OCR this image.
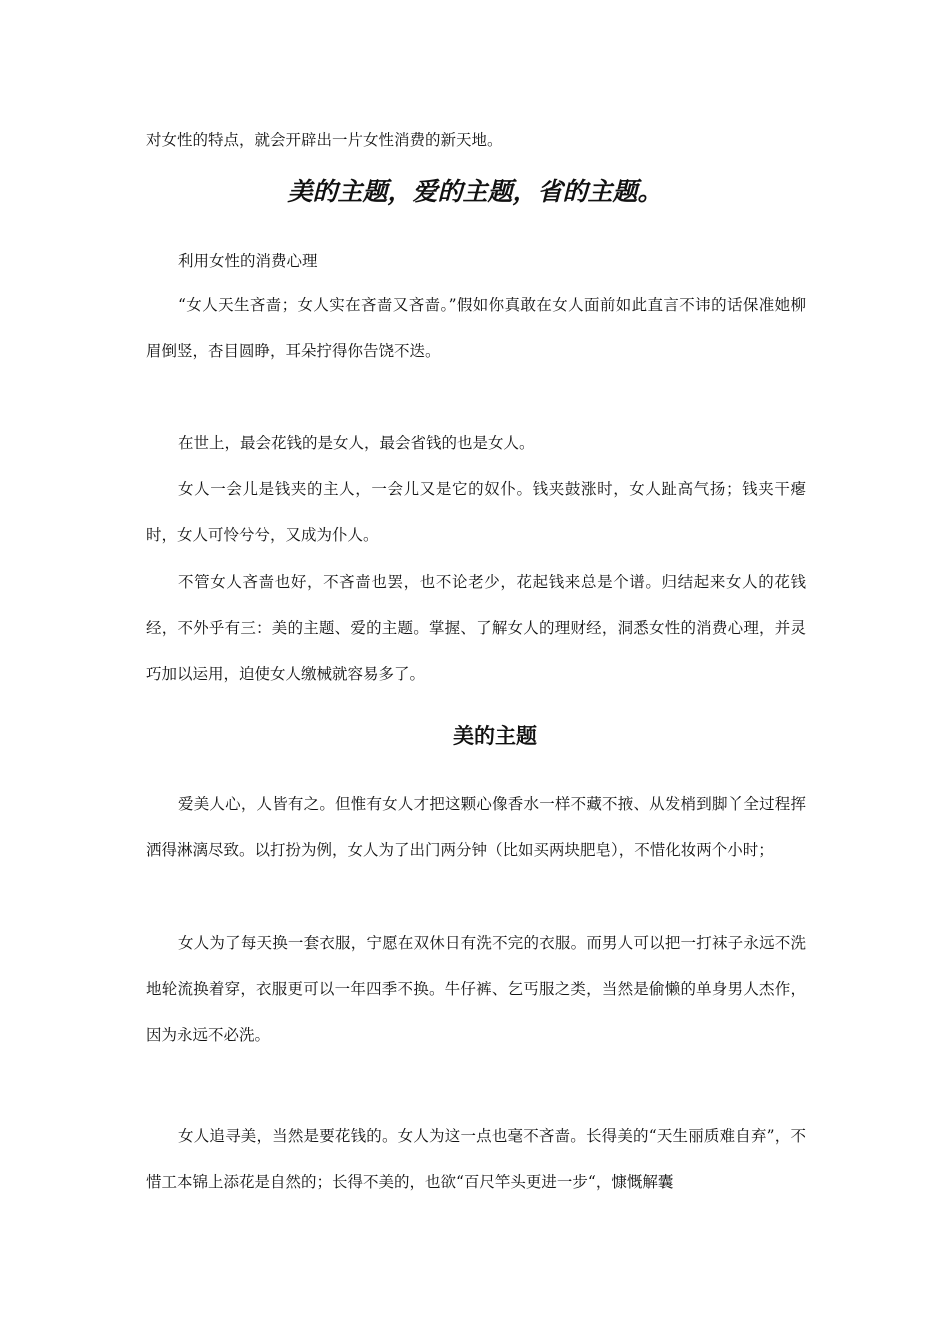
对女性的特点，就会开辟出一片女性消费的新天地。

美的主题，爱的主题，省的主题。

利用女性的消费心理

“女人天生吝啬；女人实在吝啬又吝啬。”假如你真敢在女人面前如此直言不讳的话保准她柳眉倒竖，杏目圆睁，耳朵拧得你告饶不迭。

在世上，最会花钱的是女人，最会省钱的也是女人。

女人一会儿是钱夹的主人，一会儿又是它的奴仆。钱夹鼓涨时，女人趾高气扬；钱夹干瘪时，女人可怜兮兮，又成为仆人。

不管女人吝啬也好，不吝啬也罢，也不论老少，花起钱来总是个谱。归结起来女人的花钱经，不外乎有三：美的主题、爱的主题。掌握、了解女人的理财经，洞悉女性的消费心理，并灵巧加以运用，迫使女人缴械就容易多了。

美的主题

爱美人心，人皆有之。但惟有女人才把这颗心像香水一样不藏不掖、从发梢到脚丫全过程挥洒得淋漓尽致。以打扮为例，女人为了出门两分钟（比如买两块肥皂），不惜化妆两个小时；

女人为了每天换一套衣服，宁愿在双休日有洗不完的衣服。而男人可以把一打袜子永远不洗地轮流换着穿，衣服更可以一年四季不换。牛仔裤、乞丐服之类，当然是偷懒的单身男人杰作，因为永远不必洗。

女人追寻美，当然是要花钱的。女人为这一点也毫不吝啬。长得美的“天生丽质难自弃”，不惜工本锦上添花是自然的；长得不美的，也欲“百尺竿头更进一步“，慷慨解囊
